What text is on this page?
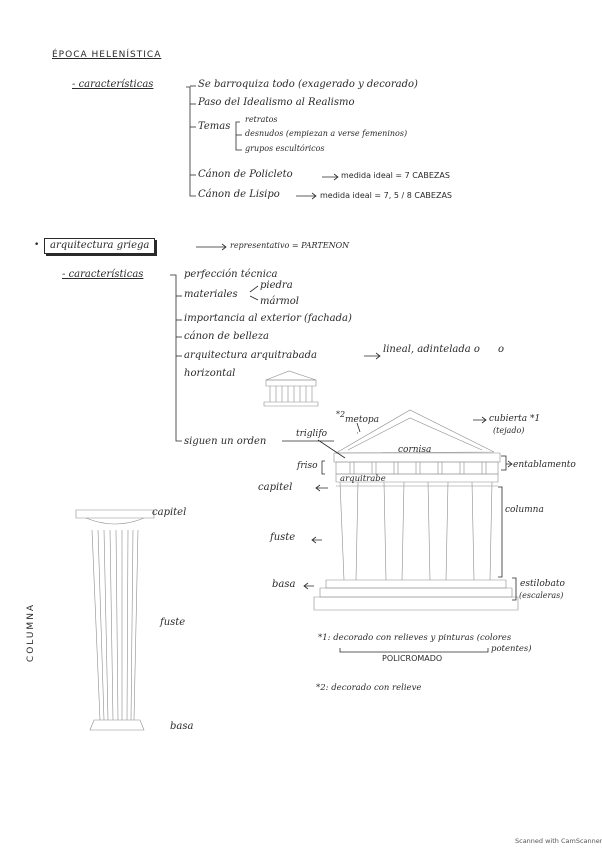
ÉPOCA HELENÍSTICA
- características	Se barroquiza todo (exagerado y decorado)
Paso del Idealismo al Realismo
Temas
retratos
desnudos (empiezan a verse femeninos)
grupos escultóricos
Cánon de Policleto	medida ideal = 7 CABEZAS
Cánon de Lisipo	medida ideal = 7, 5 / 8 CABEZAS
•	arquitectura griega	representativo = PARTENON
- características	perfección técnica
materiales
piedra
mármol
importancia al exterior (fachada)
cánon de belleza
arquitectura arquitrabada
lineal, adintelada o o
horizontal
siguen un orden
*2
metopa
triglifo
cubierta *1
(tejado)
cornisa
friso
arquitrabe
entablamento
capitel
columna
fuste
basa	estilobato
(escaleras)
capitel
fuste
basa
COLUMNA	*1: decorado con relieves y pinturas (colores
potentes)
POLICROMADO
*2: decorado con relieve
Scanned with CamScanner
